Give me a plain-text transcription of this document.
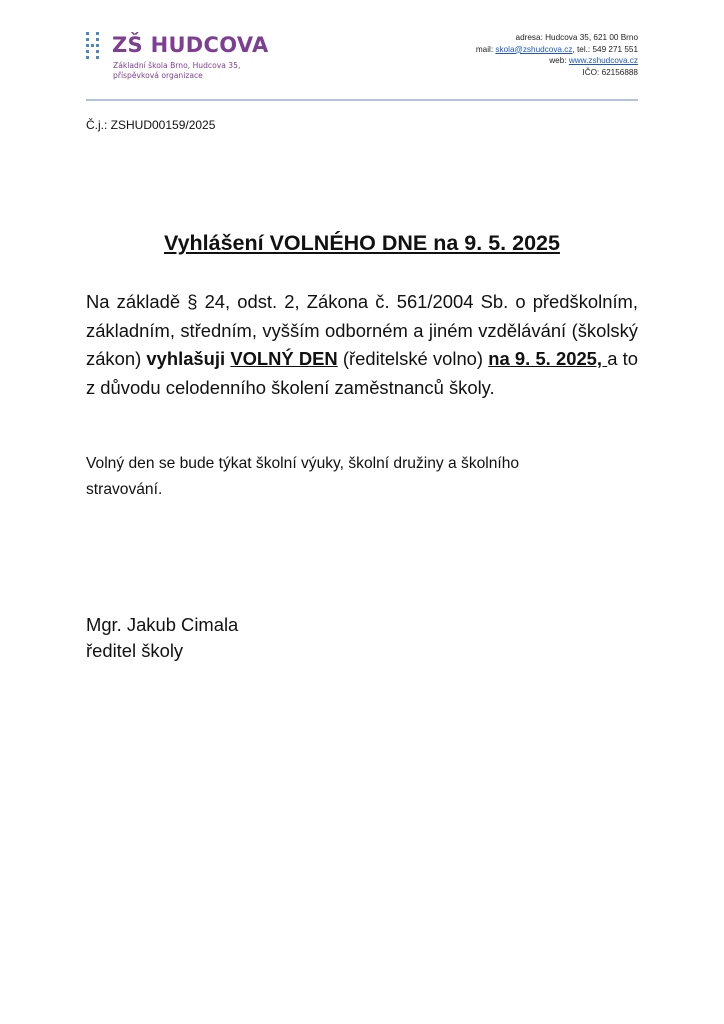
ZŠ HUDCOVA
Základní škola Brno, Hudcova 35,
příspěvková organizace
adresa: Hudcova 35, 621 00 Brno
mail: skola@zshudcova.cz, tel.: 549 271 551
web: www.zshudcova.cz
IČO: 62156888
Č.j.: ZSHUD00159/2025
Vyhlášení VOLNÉHO DNE na 9. 5. 2025
Na základě § 24, odst. 2, Zákona č. 561/2004 Sb. o předškolním, základním, středním, vyšším odborném a jiném vzdělávání (školský zákon) vyhlašuji VOLNÝ DEN (ředitelské volno) na 9. 5. 2025, a to z důvodu celodenního školení zaměstnanců školy.
Volný den se bude týkat školní výuky, školní družiny a školního stravování.
Mgr. Jakub Cimala
ředitel školy
